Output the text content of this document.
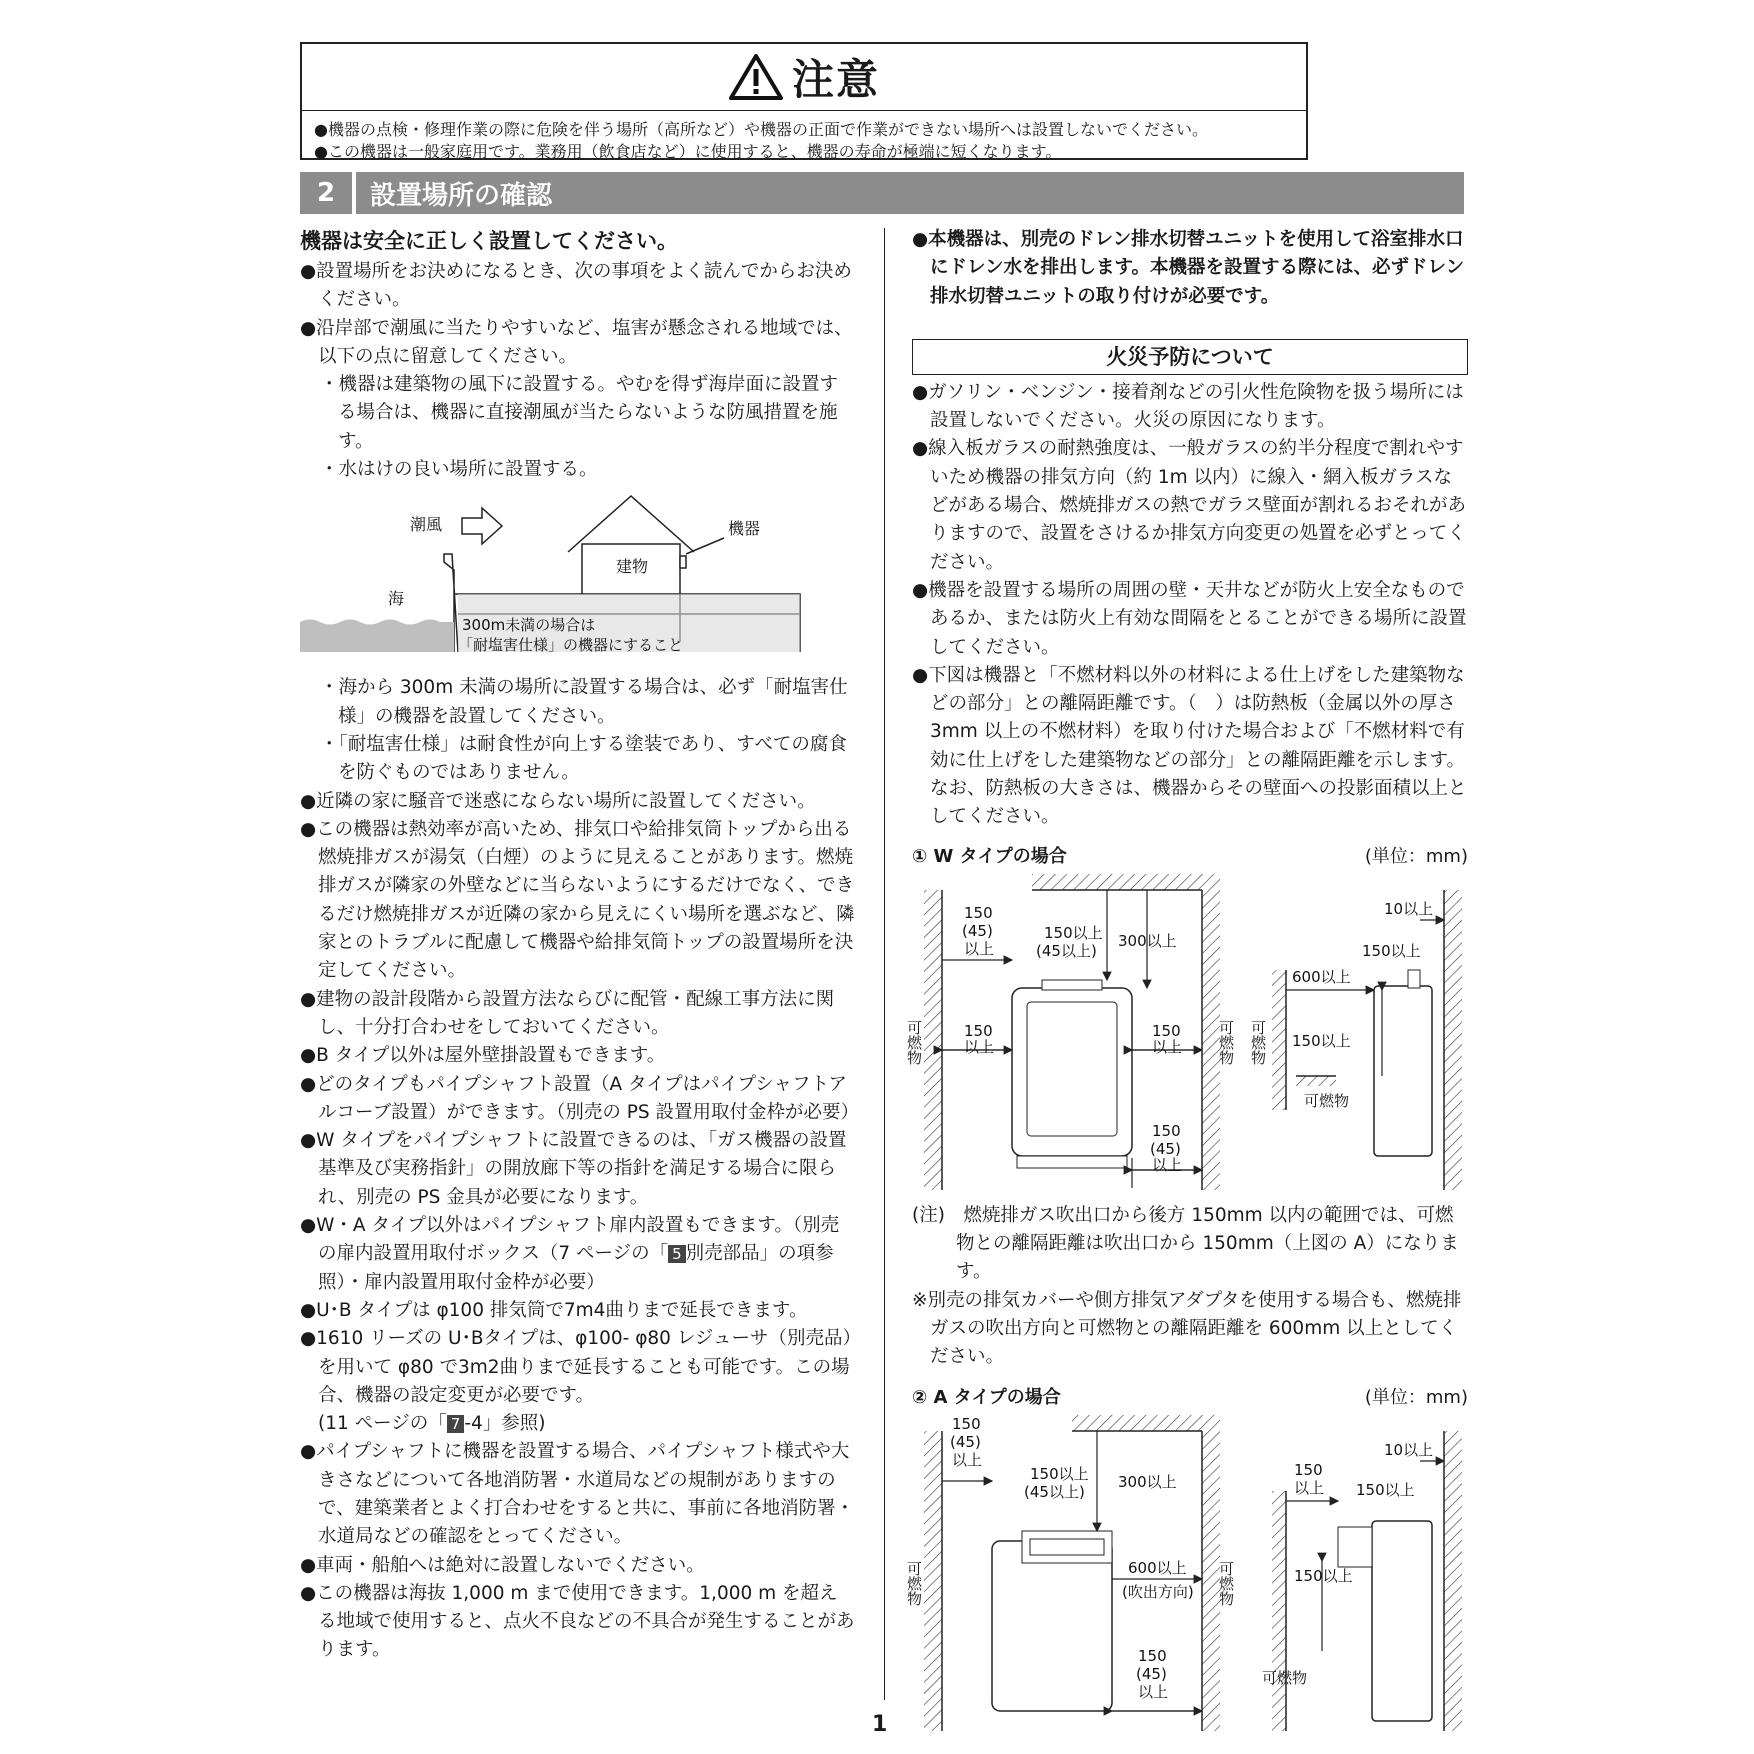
注意
●機器の点検・修理作業の際に危険を伴う場所（高所など）や機器の正面で作業ができない場所へは設置しないでください。
●この機器は一般家庭用です。業務用（飲食店など）に使用すると、機器の寿命が極端に短くなります。
2	設置場所の確認
機器は安全に正しく設置してください。
●設置場所をお決めになるとき、次の事項をよく読んでからお決めください。
●沿岸部で潮風に当たりやすいなど、塩害が懸念される地域では、以下の点に留意してください。
・機器は建築物の風下に設置する。やむを得ず海岸面に設置する場合は、機器に直接潮風が当たらないような防風措置を施す。
・水はけの良い場所に設置する。
潮風
建物
機器
海
300m未満の場合は
「耐塩害仕様」の機器にすること
・海から 300m 未満の場所に設置する場合は、必ず「耐塩害仕様」の機器を設置してください。
・「耐塩害仕様」は耐食性が向上する塗装であり、すべての腐食を防ぐものではありません。
●近隣の家に騒音で迷惑にならない場所に設置してください。
●この機器は熱効率が高いため、排気口や給排気筒トップから出る燃焼排ガスが湯気（白煙）のように見えることがあります。燃焼排ガスが隣家の外壁などに当らないようにするだけでなく、できるだけ燃焼排ガスが近隣の家から見えにくい場所を選ぶなど、隣家とのトラブルに配慮して機器や給排気筒トップの設置場所を決定してください。
●建物の設計段階から設置方法ならびに配管・配線工事方法に関し、十分打合わせをしておいてください。
●B タイプ以外は屋外壁掛設置もできます。
●どのタイプもパイプシャフト設置（A タイプはパイプシャフトアルコーブ設置）ができます。（別売の PS 設置用取付金枠が必要）
●W タイプをパイプシャフトに設置できるのは、「ガス機器の設置基準及び実務指針」の開放廊下等の指針を満足する場合に限られ、別売の PS 金具が必要になります。
●W・A タイプ以外はパイプシャフト扉内設置もできます。（別売の扉内設置用取付ボックス（7 ページの「 5 別売部品」の項参照）・扉内設置用取付金枠が必要）
●U･B タイプは φ100 排気筒で7m4曲りまで延長できます。
●1610 リーズの U･Bタイプは、φ100- φ80 レジューサ（別売品）を用いて φ80 で3m2曲りまで延長することも可能です。この場合、機器の設定変更が必要です。
(11 ページの「 7 -4」参照)
●パイプシャフトに機器を設置する場合、パイプシャフト様式や大きさなどについて各地消防署・水道局などの規制がありますので、建築業者とよく打合わせをすると共に、事前に各地消防署・水道局などの確認をとってください。
●車両・船舶へは絶対に設置しないでください。
●この機器は海抜 1,000 m まで使用できます。1,000 m を超える地域で使用すると、点火不良などの不具合が発生することがあります。
●本機器は、別売のドレン排水切替ユニットを使用して浴室排水口にドレン水を排出します。本機器を設置する際には、必ずドレン排水切替ユニットの取り付けが必要です。
火災予防について
●ガソリン・ベンジン・接着剤などの引火性危険物を扱う場所には設置しないでください。火災の原因になります。
●線入板ガラスの耐熱強度は、一般ガラスの約半分程度で割れやすいため機器の排気方向（約 1m 以内）に線入・網入板ガラスなどがある場合、燃焼排ガスの熱でガラス壁面が割れるおそれがありますので、設置をさけるか排気方向変更の処置を必ずとってください。
●機器を設置する場所の周囲の壁・天井などが防火上安全なものであるか、または防火上有効な間隔をとることができる場所に設置してください。
●下図は機器と「不燃材料以外の材料による仕上げをした建築物などの部分」との離隔距離です。（　）は防熱板（金属以外の厚さ 3mm 以上の不燃材料）を取り付けた場合および「不燃材料で有効に仕上げをした建築物などの部分」との離隔距離を示します。なお、防熱板の大きさは、機器からその壁面への投影面積以上としてください。
① W タイプの場合	(単位：mm)
150
(45)
以上
150以上
(45以上)
300以上
150
以上
150
以上
150
(45)
以上
可燃物	可燃物
10以上
150以上
600以上
150以上
可燃物
可燃物
(注)　燃焼排ガス吹出口から後方 150mm 以内の範囲では、可燃物との離隔距離は吹出口から 150mm（上図の A）になります。
※別売の排気カバーや側方排気アダプタを使用する場合も、燃焼排ガスの吹出方向と可燃物との離隔距離を 600mm 以上としてください。
② A タイプの場合	(単位：mm)
150
(45)
以上
150以上
(45以上)
300以上
600以上
(吹出方向)
150
(45)
以上
可燃物	可燃物
150
以上
10以上
150以上
150以上
可燃物
1
